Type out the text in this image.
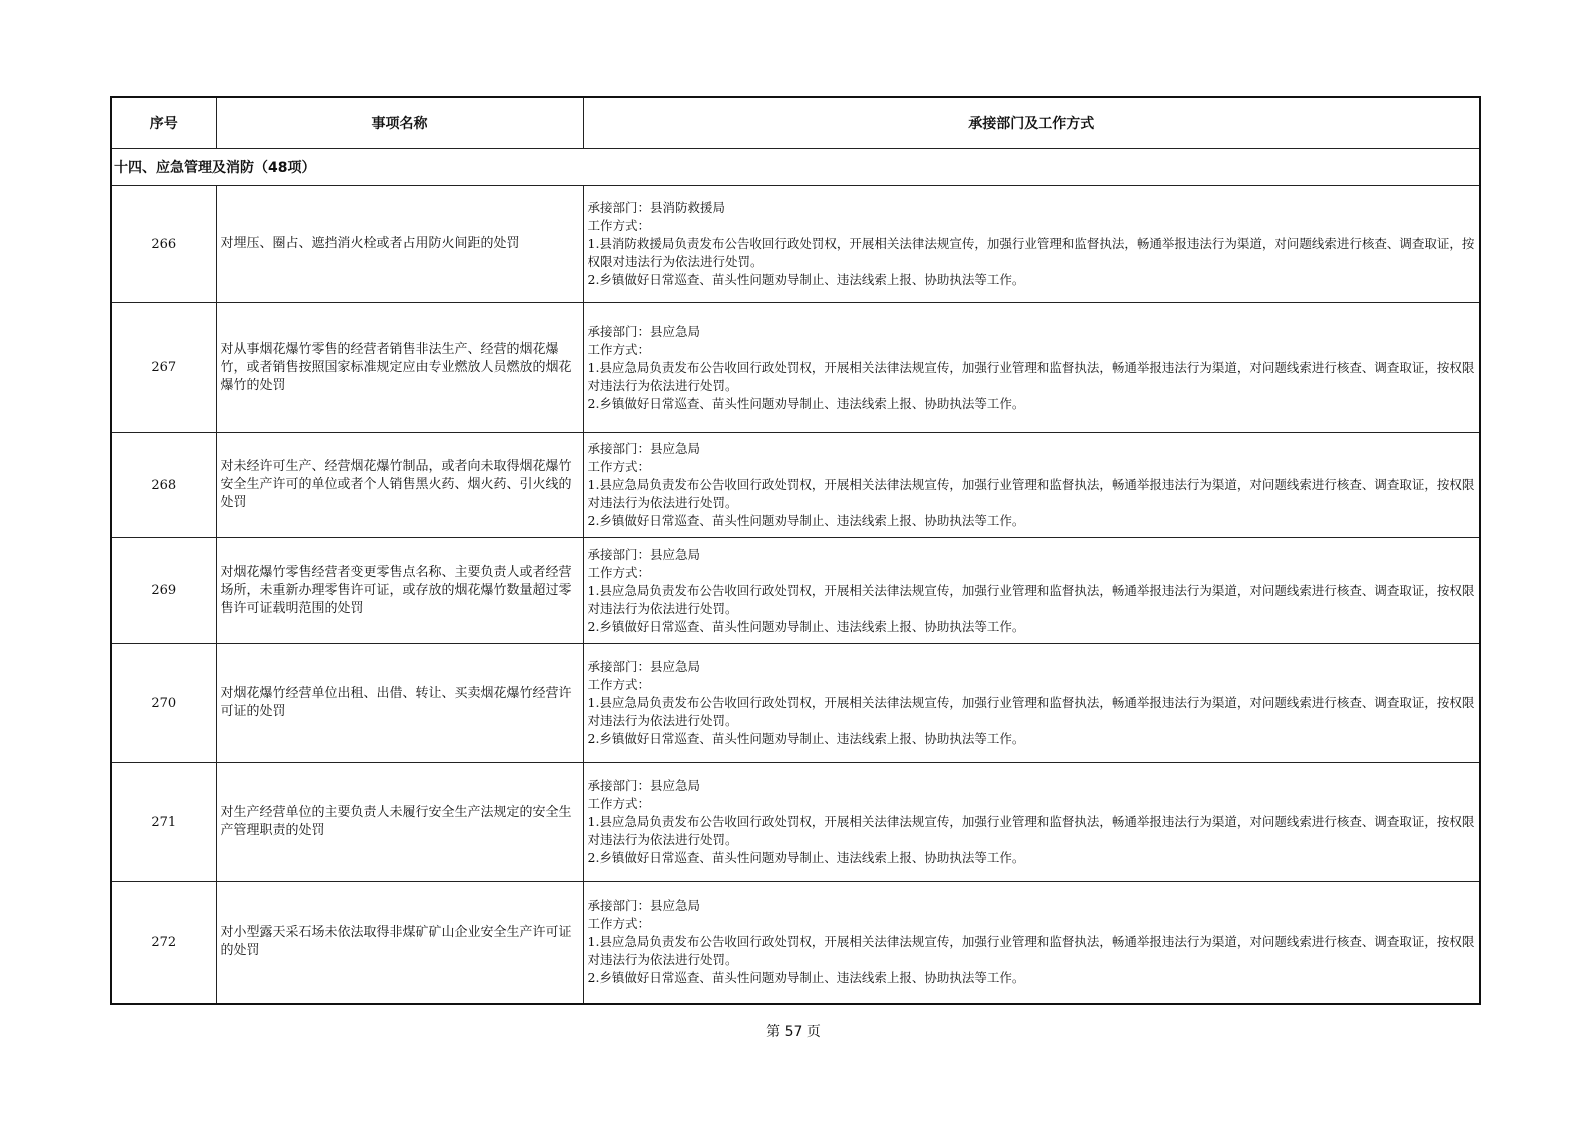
序号	事项名称	承接部门及工作方式
十四、应急管理及消防（48项）		
266	对埋压、圈占、遮挡消火栓或者占用防火间距的处罚	承接部门：县消防救援局
工作方式：
1.县消防救援局负责发布公告收回行政处罚权，开展相关法律法规宣传，加强行业管理和监督执法，畅通举报违法行为渠道，对问题线索进行核查、调查取证，按权限对违法行为依法进行处罚。
2.乡镇做好日常巡查、苗头性问题劝导制止、违法线索上报、协助执法等工作。

267	对从事烟花爆竹零售的经营者销售非法生产、经营的烟花爆竹，或者销售按照国家标准规定应由专业燃放人员燃放的烟花爆竹的处罚	承接部门：县应急局
工作方式：
1.县应急局负责发布公告收回行政处罚权，开展相关法律法规宣传，加强行业管理和监督执法，畅通举报违法行为渠道，对问题线索进行核查、调查取证，按权限对违法行为依法进行处罚。
2.乡镇做好日常巡查、苗头性问题劝导制止、违法线索上报、协助执法等工作。

268	对未经许可生产、经营烟花爆竹制品，或者向未取得烟花爆竹安全生产许可的单位或者个人销售黑火药、烟火药、引火线的处罚	承接部门：县应急局
工作方式：
1.县应急局负责发布公告收回行政处罚权，开展相关法律法规宣传，加强行业管理和监督执法，畅通举报违法行为渠道，对问题线索进行核查、调查取证，按权限对违法行为依法进行处罚。
2.乡镇做好日常巡查、苗头性问题劝导制止、违法线索上报、协助执法等工作。

269	对烟花爆竹零售经营者变更零售点名称、主要负责人或者经营场所，未重新办理零售许可证，或存放的烟花爆竹数量超过零售许可证载明范围的处罚	承接部门：县应急局
工作方式：
1.县应急局负责发布公告收回行政处罚权，开展相关法律法规宣传，加强行业管理和监督执法，畅通举报违法行为渠道，对问题线索进行核查、调查取证，按权限对违法行为依法进行处罚。
2.乡镇做好日常巡查、苗头性问题劝导制止、违法线索上报、协助执法等工作。

270	对烟花爆竹经营单位出租、出借、转让、买卖烟花爆竹经营许可证的处罚	承接部门：县应急局
工作方式：
1.县应急局负责发布公告收回行政处罚权，开展相关法律法规宣传，加强行业管理和监督执法，畅通举报违法行为渠道，对问题线索进行核查、调查取证，按权限对违法行为依法进行处罚。
2.乡镇做好日常巡查、苗头性问题劝导制止、违法线索上报、协助执法等工作。

271	对生产经营单位的主要负责人未履行安全生产法规定的安全生产管理职责的处罚	承接部门：县应急局
工作方式：
1.县应急局负责发布公告收回行政处罚权，开展相关法律法规宣传，加强行业管理和监督执法，畅通举报违法行为渠道，对问题线索进行核查、调查取证，按权限对违法行为依法进行处罚。
2.乡镇做好日常巡查、苗头性问题劝导制止、违法线索上报、协助执法等工作。

272	对小型露天采石场未依法取得非煤矿矿山企业安全生产许可证的处罚	承接部门：县应急局
工作方式：
1.县应急局负责发布公告收回行政处罚权，开展相关法律法规宣传，加强行业管理和监督执法，畅通举报违法行为渠道，对问题线索进行核查、调查取证，按权限对违法行为依法进行处罚。
2.乡镇做好日常巡查、苗头性问题劝导制止、违法线索上报、协助执法等工作。
第 57 页
